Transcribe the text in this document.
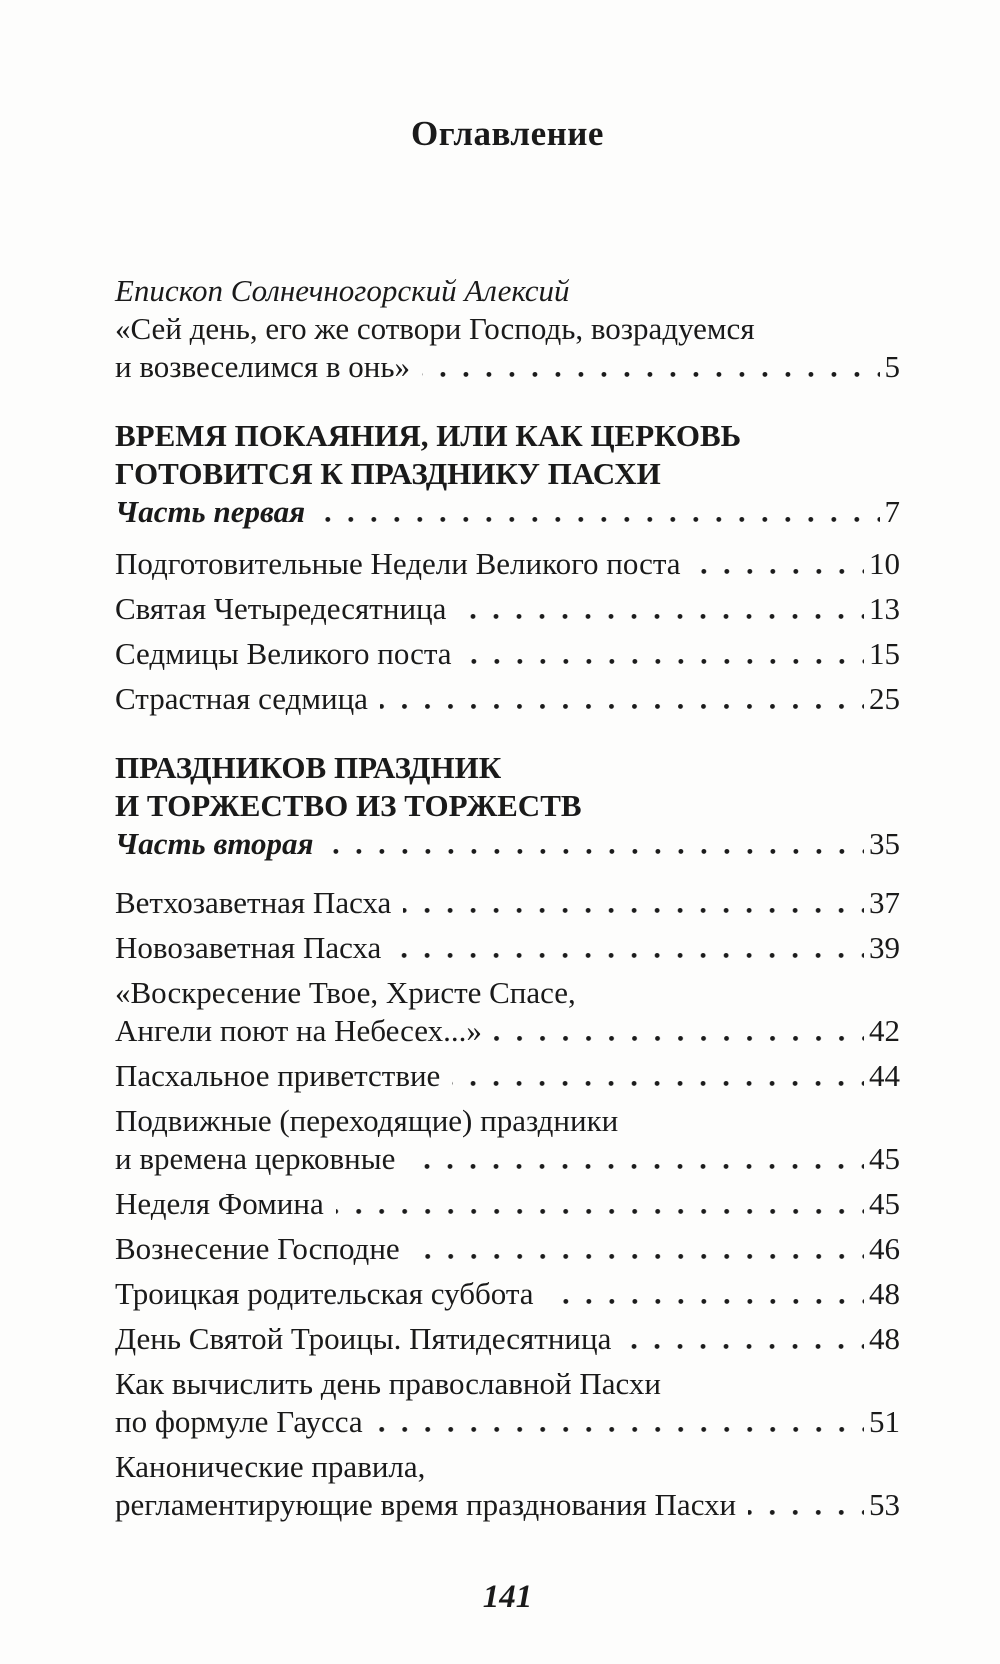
Оглавление
Епископ Солнечногорский Алексий
«Сей день, его же сотвори Господь, возрадуемся
и возвеселимся в онь»	5
ВРЕМЯ ПОКАЯНИЯ, ИЛИ КАК ЦЕРКОВЬ
ГОТОВИТСЯ К ПРАЗДНИКУ ПАСХИ
Часть первая	7
Подготовительные Недели Великого поста	10
Святая Четыредесятница	13
Седмицы Великого поста	15
Страстная седмица	25
ПРАЗДНИКОВ ПРАЗДНИК
И ТОРЖЕСТВО ИЗ ТОРЖЕСТВ
Часть вторая	35
Ветхозаветная Пасха	37
Новозаветная Пасха	39
«Воскресение Твое, Христе Спасе,
Ангели поют на Небесех...»	42
Пасхальное приветствие	44
Подвижные (переходящие) праздники
и времена церковные	45
Неделя Фомина	45
Вознесение Господне	46
Троицкая родительская суббота	48
День Святой Троицы. Пятидесятница	48
Как вычислить день православной Пасхи
по формуле Гаусса	51
Канонические правила,
регламентирующие время празднования Пасхи	53
141
